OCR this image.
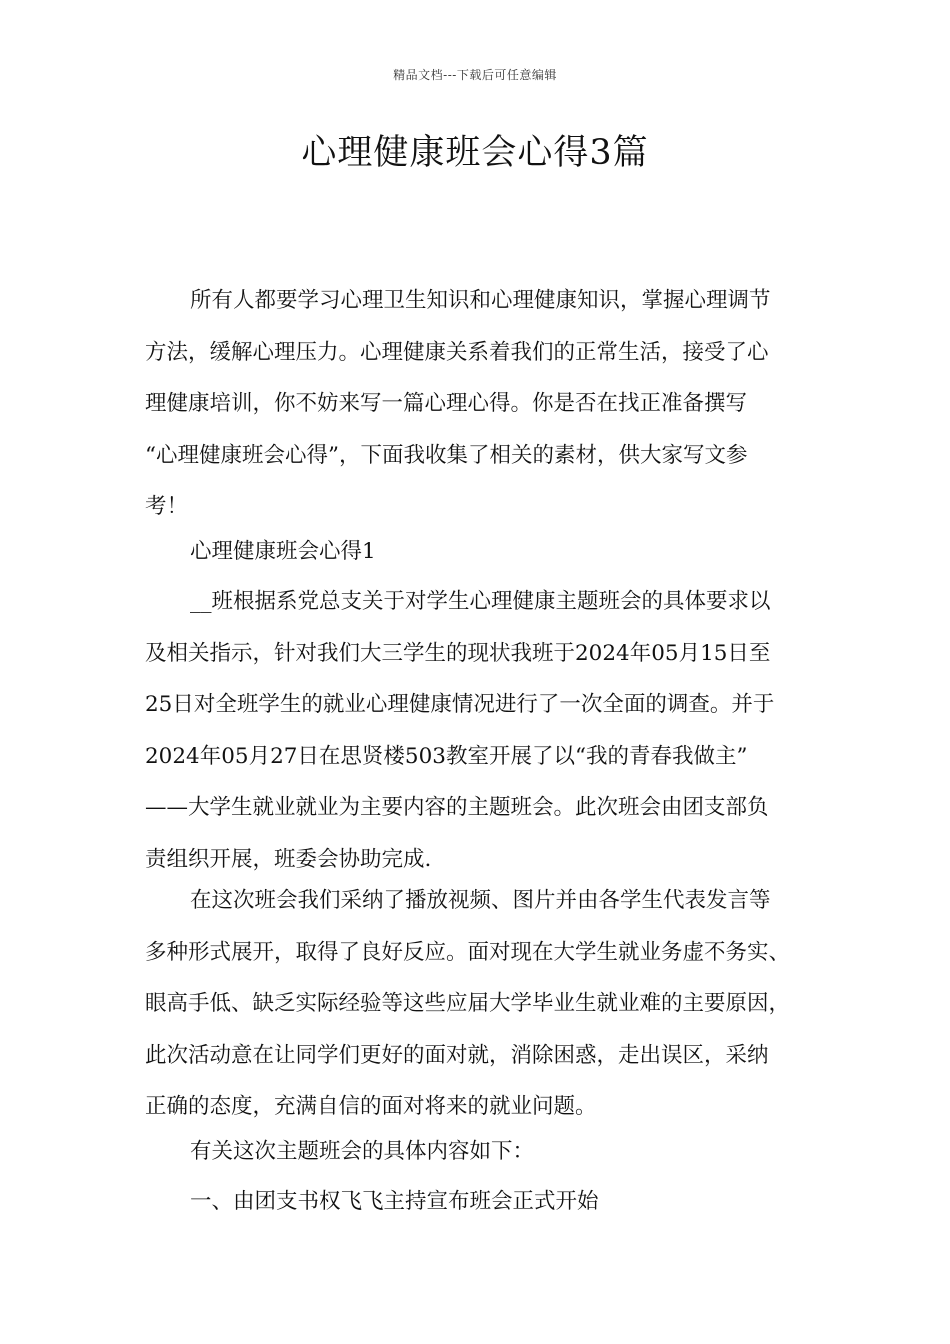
精品文档---下载后可任意编辑
心理健康班会心得3篇

所有人都要学习心理卫生知识和心理健康知识，掌握心理调节
方法，缓解心理压力。心理健康关系着我们的正常生活，接受了心
理健康培训，你不妨来写一篇心理心得。你是否在找正准备撰写
“心理健康班会心得”，下面我收集了相关的素材，供大家写文参
考！

心理健康班会心得1

__班根据系党总支关于对学生心理健康主题班会的具体要求以
及相关指示，针对我们大三学生的现状我班于2024年05月15日至
25日对全班学生的就业心理健康情况进行了一次全面的调查。并于
2024年05月27日在思贤楼503教室开展了以“我的青春我做主”
——大学生就业就业为主要内容的主题班会。此次班会由团支部负
责组织开展，班委会协助完成.

在这次班会我们采纳了播放视频、图片并由各学生代表发言等
多种形式展开，取得了良好反应。面对现在大学生就业务虚不务实、
眼高手低、缺乏实际经验等这些应届大学毕业生就业难的主要原因，
此次活动意在让同学们更好的面对就，消除困惑，走出误区，采纳
正确的态度，充满自信的面对将来的就业问题。

有关这次主题班会的具体内容如下：

一、由团支书权飞飞主持宣布班会正式开始
